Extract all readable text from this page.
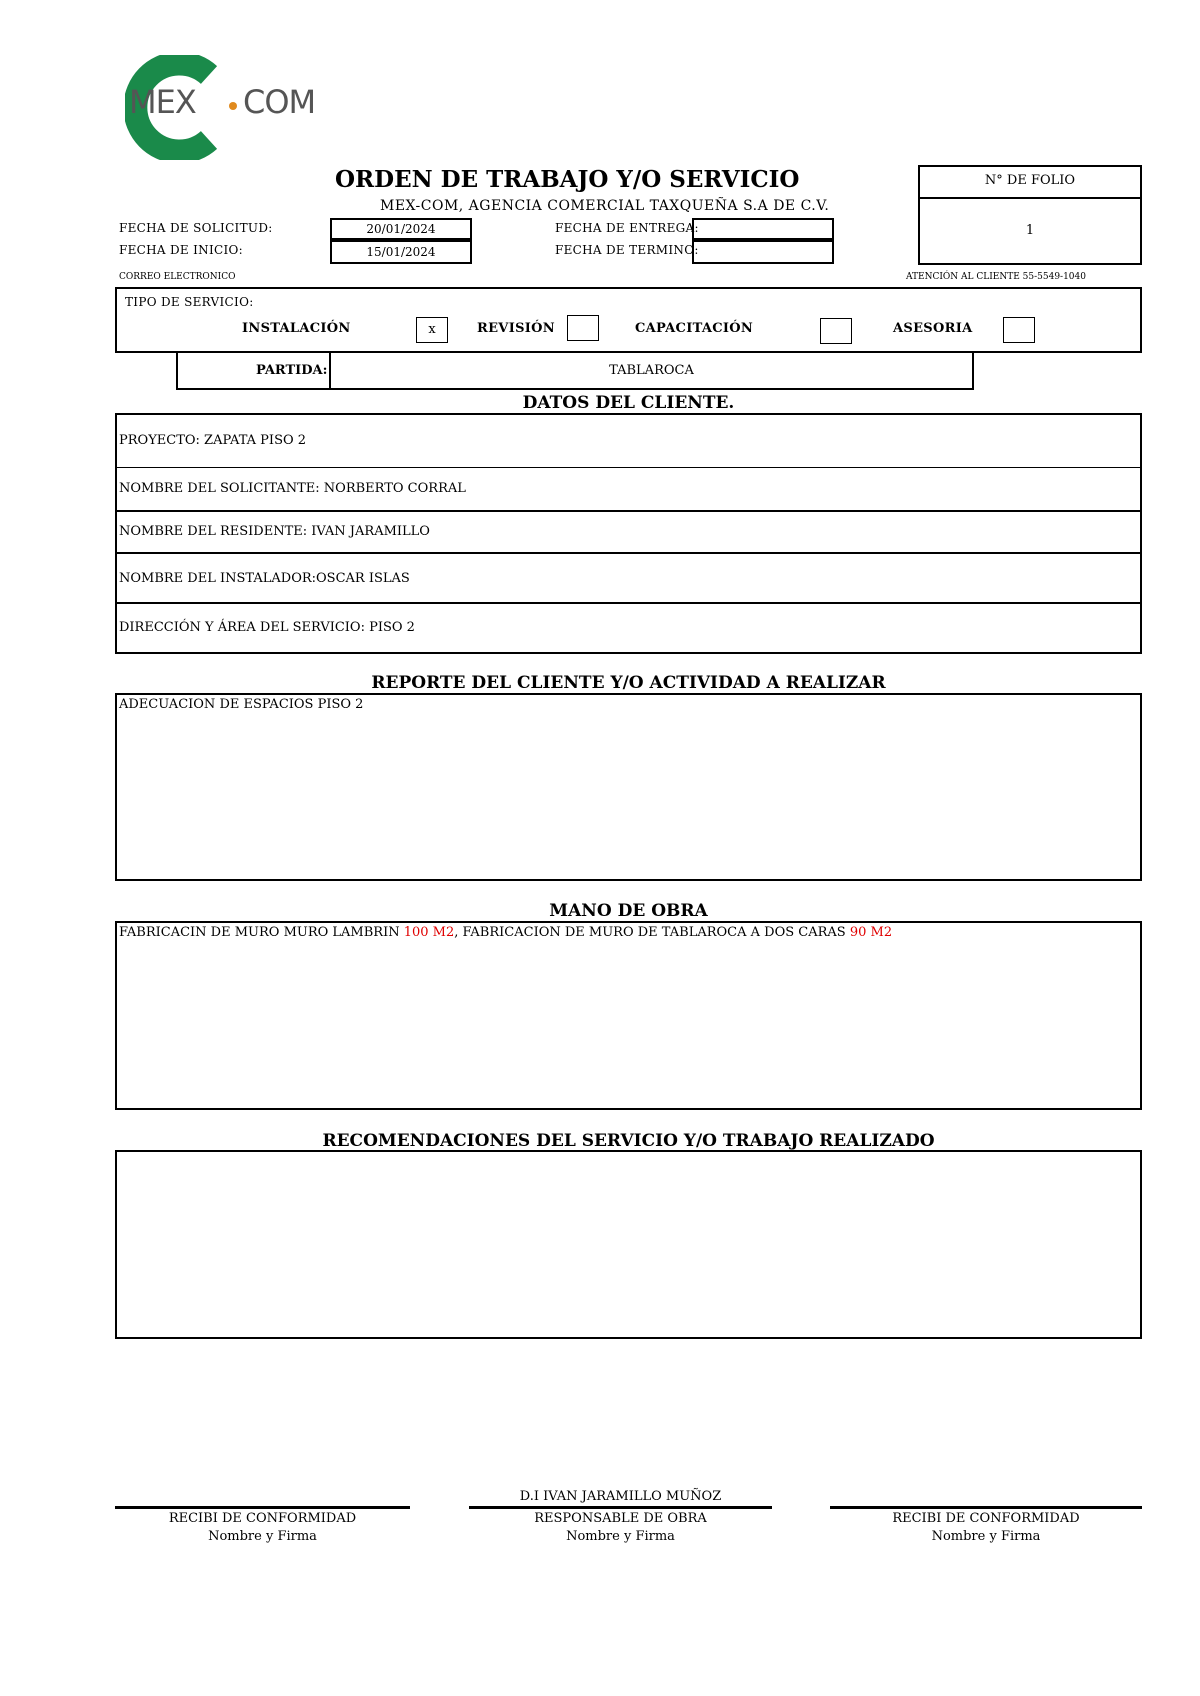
MEX COM
ORDEN DE TRABAJO Y/O SERVICIO
MEX-COM, AGENCIA COMERCIAL TAXQUEÑA S.A DE C.V.
N° DE FOLIO
1
FECHA DE SOLICITUD:	20/01/2024
FECHA DE INICIO:	15/01/2024
FECHA DE ENTREGA:
FECHA DE TERMINO:
CORREO ELECTRONICO	ATENCIÓN AL CLIENTE 55-5549-1040
TIPO DE SERVICIO:
INSTALACIÓN	x	REVISIÓN	CAPACITACIÓN	ASESORIA
PARTIDA:	TABLAROCA
DATOS DEL CLIENTE.
PROYECTO: ZAPATA PISO 2
NOMBRE DEL SOLICITANTE: NORBERTO CORRAL
NOMBRE DEL RESIDENTE: IVAN JARAMILLO
NOMBRE DEL INSTALADOR:OSCAR ISLAS
DIRECCIÓN Y ÁREA DEL SERVICIO: PISO 2
REPORTE DEL CLIENTE Y/O ACTIVIDAD A REALIZAR
ADECUACION DE ESPACIOS PISO 2
MANO DE OBRA
FABRICACIN DE MURO MURO LAMBRIN 100 M2, FABRICACION DE MURO DE TABLAROCA A DOS CARAS 90 M2
RECOMENDACIONES DEL SERVICIO Y/O TRABAJO REALIZADO
RECIBI DE CONFORMIDAD
Nombre y Firma
D.I IVAN JARAMILLO MUÑOZ
RESPONSABLE DE OBRA
Nombre y Firma
RECIBI DE CONFORMIDAD
Nombre y Firma
